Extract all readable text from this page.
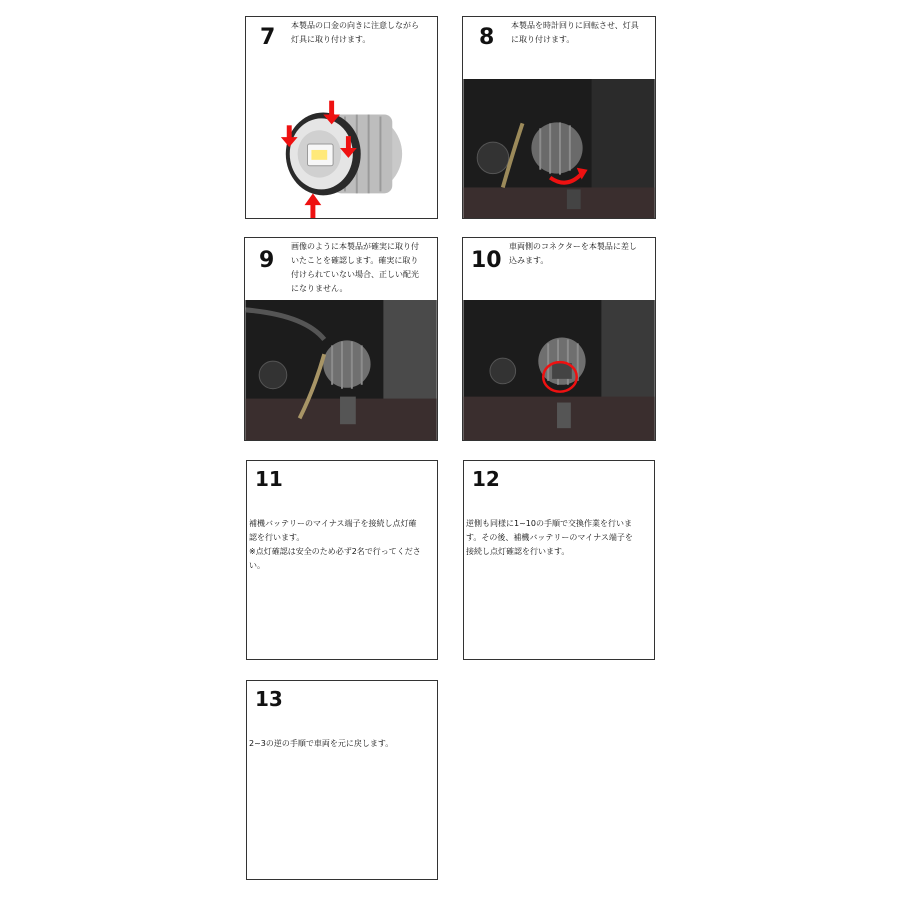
7 本製品の口金の向きに注意しながら
灯具に取り付けます。	8 本製品を時計回りに回転させ、灯具
に取り付けます。
9
画像のように本製品が確実に取り付
いたことを確認します。確実に取り
付けられていない場合、正しい配光
になりません。
10
車両側のコネクターを本製品に差し
込みます。
11
補機バッテリーのマイナス端子を接続し点灯確
認を行います。
※点灯確認は安全のため必ず2名で行ってくださ
い。
12
逆側も同様に1~10の手順で交換作業を行いま
す。その後、補機バッテリーのマイナス端子を
接続し点灯確認を行います。
13
2~3の逆の手順で車両を元に戻します。
